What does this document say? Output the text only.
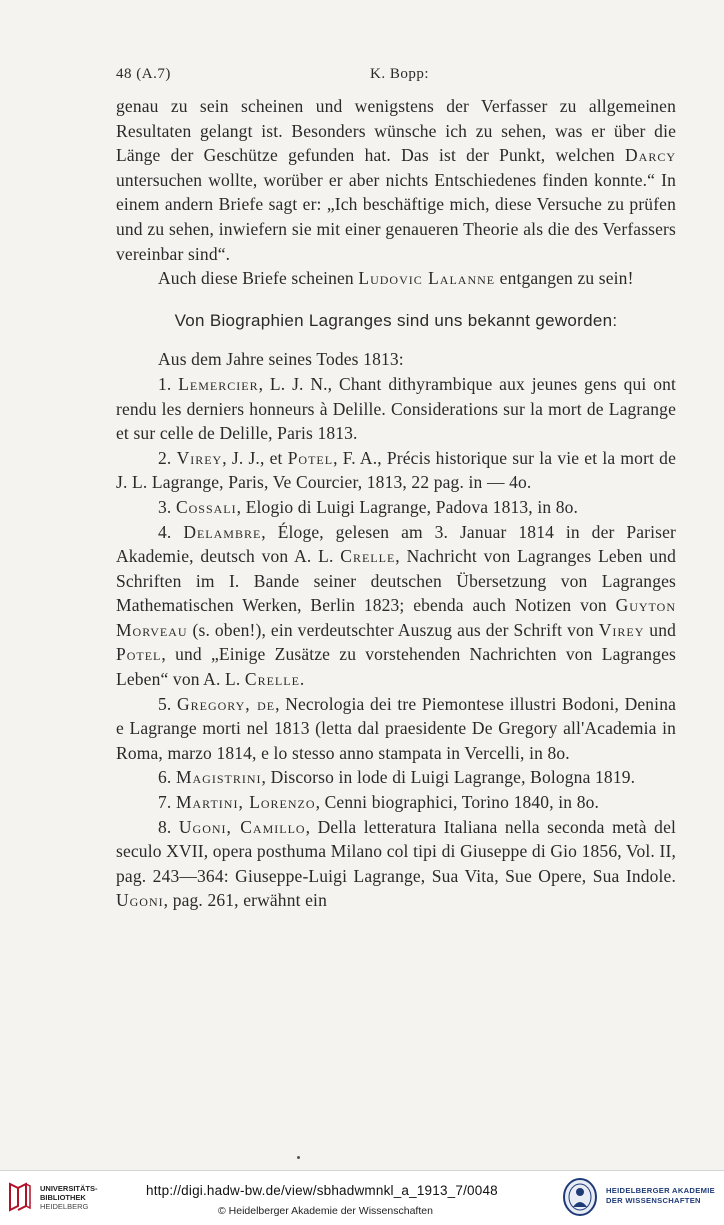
48 (A.7)	K. Bopp:

genau zu sein scheinen und wenigstens der Verfasser zu allgemeinen Resultaten gelangt ist. Besonders wünsche ich zu sehen, was er über die Länge der Geschütze gefunden hat. Das ist der Punkt, welchen Darcy untersuchen wollte, worüber er aber nichts Entschiedenes finden konnte.“ In einem andern Briefe sagt er: „Ich beschäftige mich, diese Versuche zu prüfen und zu sehen, inwiefern sie mit einer genaueren Theorie als die des Verfassers vereinbar sind“.

Auch diese Briefe scheinen Ludovic Lalanne entgangen zu sein!

Von Biographien Lagranges sind uns bekannt geworden:

Aus dem Jahre seines Todes 1813:

1. Lemercier, L. J. N., Chant dithyrambique aux jeunes gens qui ont rendu les derniers honneurs à Delille. Considerations sur la mort de Lagrange et sur celle de Delille, Paris 1813.

2. Virey, J. J., et Potel, F. A., Précis historique sur la vie et la mort de J. L. Lagrange, Paris, Ve Courcier, 1813, 22 pag. in — 4o.

3. Cossali, Elogio di Luigi Lagrange, Padova 1813, in 8o.

4. Delambre, Éloge, gelesen am 3. Januar 1814 in der Pariser Akademie, deutsch von A. L. Crelle, Nachricht von Lagranges Leben und Schriften im I. Bande seiner deutschen Übersetzung von Lagranges Mathematischen Werken, Berlin 1823; ebenda auch Notizen von Guyton Morveau (s. oben!), ein verdeutschter Auszug aus der Schrift von Virey und Potel, und „Einige Zusätze zu vorstehenden Nachrichten von Lagranges Leben“ von A. L. Crelle.

5. Gregory, de, Necrologia dei tre Piemontese illustri Bodoni, Denina e Lagrange morti nel 1813 (letta dal praesidente De Gregory all'Academia in Roma, marzo 1814, e lo stesso anno stampata in Vercelli, in 8o.

6. Magistrini, Discorso in lode di Luigi Lagrange, Bologna 1819.

7. Martini, Lorenzo, Cenni biographici, Torino 1840, in 8o.

8. Ugoni, Camillo, Della letteratura Italiana nella seconda metà del seculo XVII, opera posthuma Milano col tipi di Giuseppe di Gio 1856, Vol. II, pag. 243—364: Giuseppe-Luigi Lagrange, Sua Vita, Sue Opere, Sua Indole. Ugoni, pag. 261, erwähnt ein

UNIVERSITÄTS-
BIBLIOTHEK
HEIDELBERG
http://digi.hadw-bw.de/view/sbhadwmnkl_a_1913_7/0048
© Heidelberger Akademie der Wissenschaften
HEIDELBERGER AKADEMIE
DER WISSENSCHAFTEN
